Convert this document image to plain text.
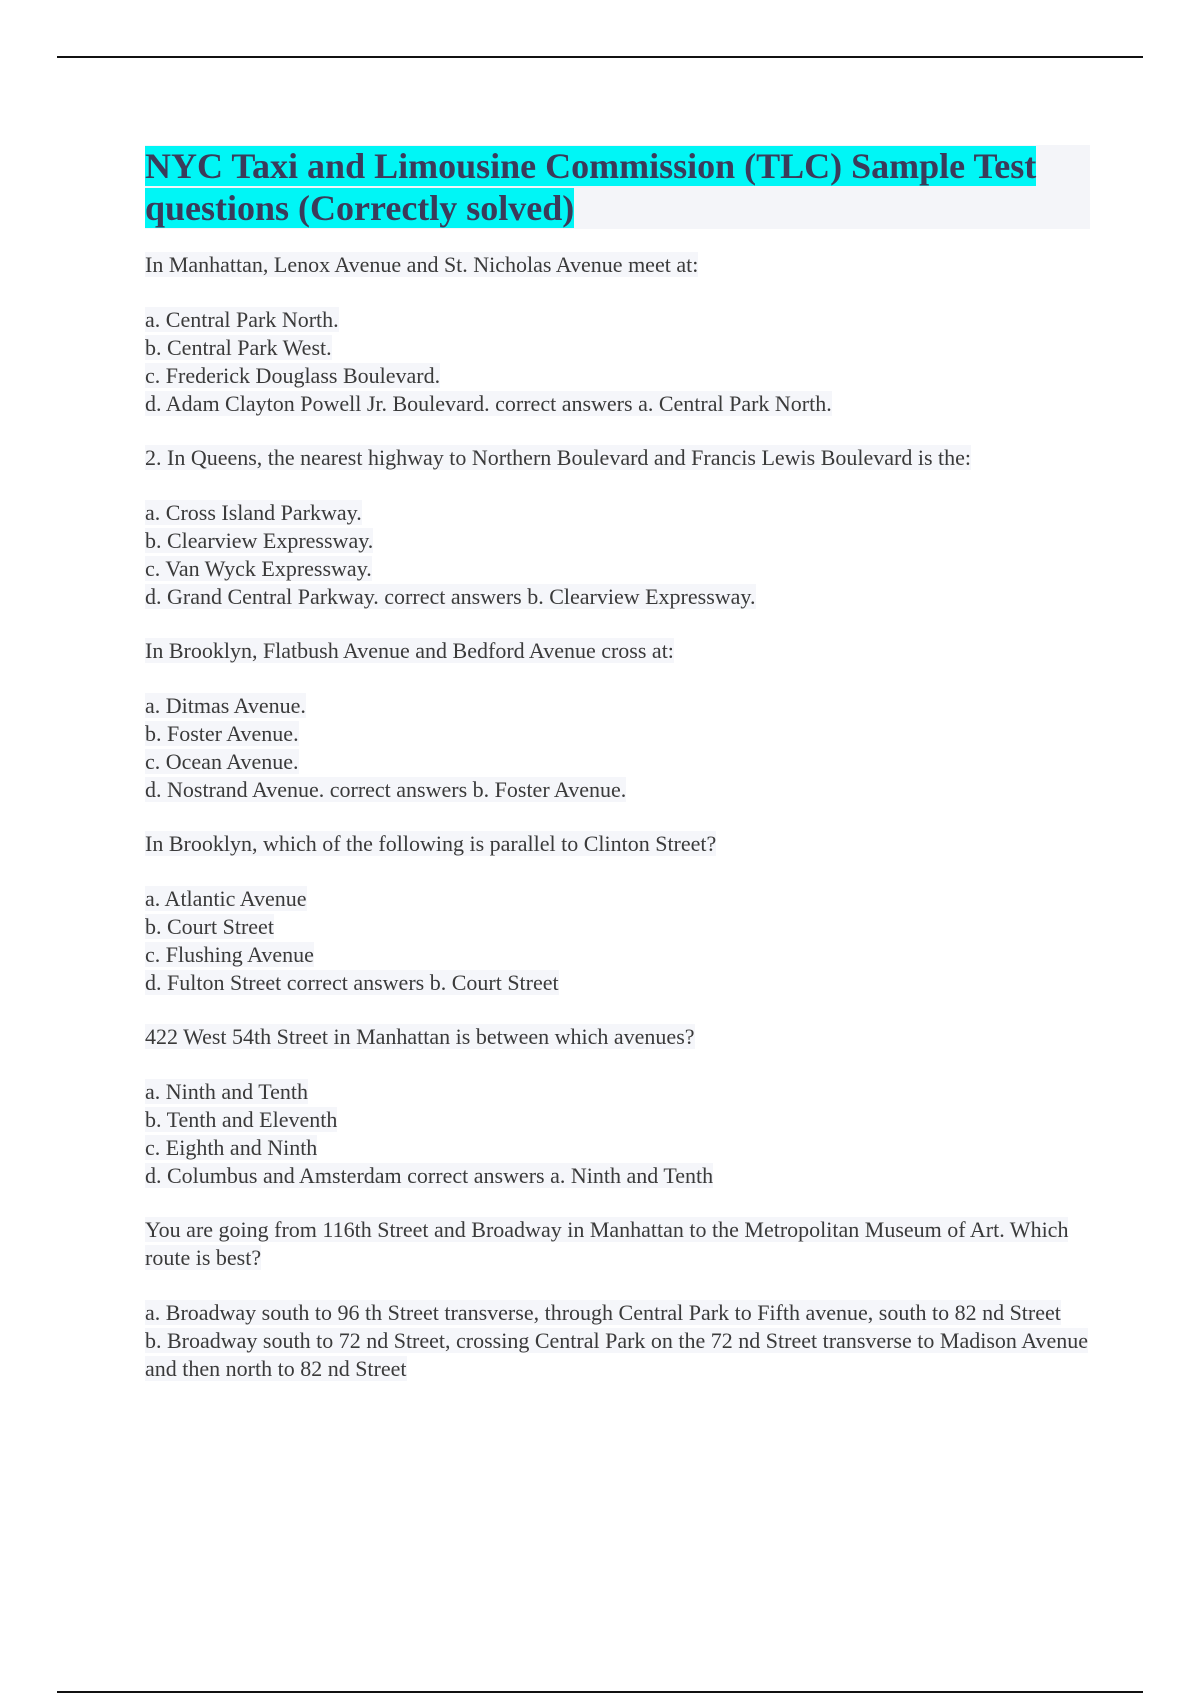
NYC Taxi and Limousine Commission (TLC) Sample Test questions (Correctly solved)

In Manhattan, Lenox Avenue and St. Nicholas Avenue meet at:

a. Central Park North.

b. Central Park West.

c. Frederick Douglass Boulevard.

d. Adam Clayton Powell Jr. Boulevard. correct answers a. Central Park North.

2. In Queens, the nearest highway to Northern Boulevard and Francis Lewis Boulevard is the:

a. Cross Island Parkway.

b. Clearview Expressway.

c. Van Wyck Expressway.

d. Grand Central Parkway. correct answers b. Clearview Expressway.

In Brooklyn, Flatbush Avenue and Bedford Avenue cross at:

a. Ditmas Avenue.

b. Foster Avenue.

c. Ocean Avenue.

d. Nostrand Avenue. correct answers b. Foster Avenue.

In Brooklyn, which of the following is parallel to Clinton Street?

a. Atlantic Avenue

b. Court Street

c. Flushing Avenue

d. Fulton Street correct answers b. Court Street

422 West 54th Street in Manhattan is between which avenues?

a. Ninth and Tenth

b. Tenth and Eleventh

c. Eighth and Ninth

d. Columbus and Amsterdam correct answers a. Ninth and Tenth

You are going from 116th Street and Broadway in Manhattan to the Metropolitan Museum of Art. Which route is best?

a. Broadway south to 96 th Street transverse, through Central Park to Fifth avenue, south to 82 nd Street

b. Broadway south to 72 nd Street, crossing Central Park on the 72 nd Street transverse to Madison Avenue and then north to 82 nd Street
